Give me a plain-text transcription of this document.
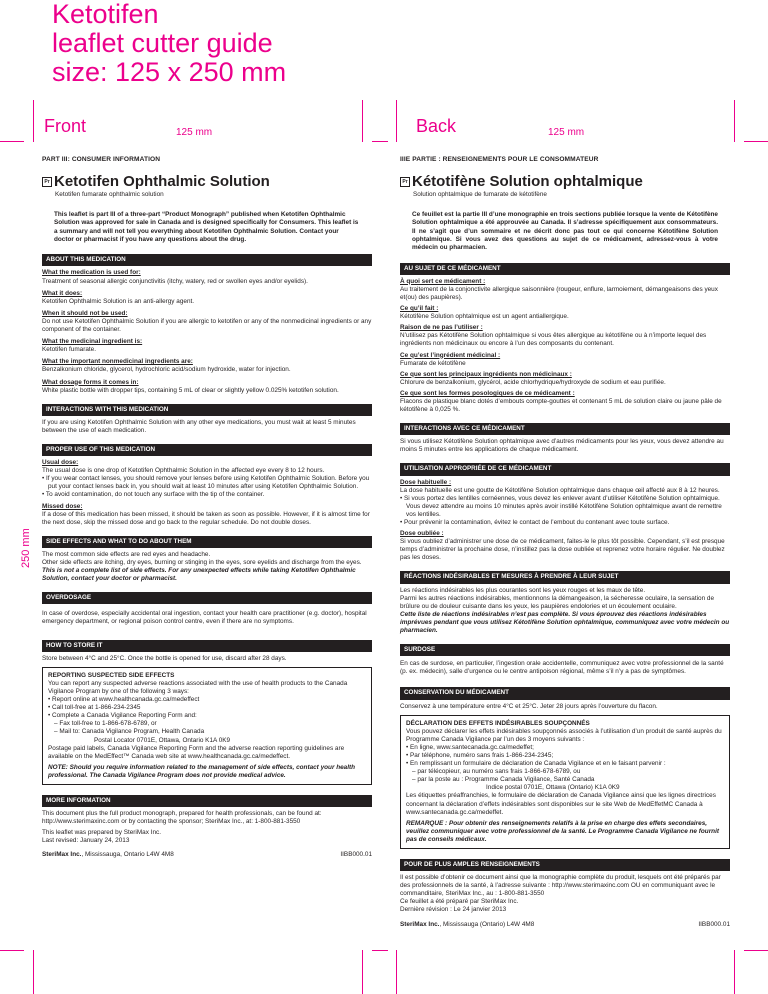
Ketotifen
leaflet cutter guide
size: 125 x 250 mm
Front	125 mm	Back	125 mm
250 mm
PART III: CONSUMER INFORMATION
Pr Ketotifen Ophthalmic Solution
Ketotifen fumarate ophthalmic solution
This leaflet is part III of a three-part “Product Monograph” published when Ketotifen Ophthalmic Solution was approved for sale in Canada and is designed specifically for Consumers. This leaflet is a summary and will not tell you everything about Ketotifen Ophthalmic Solution. Contact your doctor or pharmacist if you have any questions about the drug.
ABOUT THIS MEDICATION
What the medication is used for:
Treatment of seasonal allergic conjunctivitis (itchy, watery, red or swollen eyes and/or eyelids).
What it does:
Ketotifen Ophthalmic Solution is an anti-allergy agent.
When it should not be used:
Do not use Ketotifen Ophthalmic Solution if you are allergic to ketotifen or any of the nonmedicinal ingredients or any component of the container.
What the medicinal ingredient is:
Ketotifen fumarate.
What the important nonmedicinal ingredients are:
Benzalkonium chloride, glycerol, hydrochloric acid/sodium hydroxide, water for injection.
What dosage forms it comes in:
White plastic bottle with dropper tips, containing 5 mL of clear or slightly yellow 0.025% ketotifen solution.
INTERACTIONS WITH THIS MEDICATION
If you are using Ketotifen Ophthalmic Solution with any other eye medications, you must wait at least 5 minutes between the use of each medication.
PROPER USE OF THIS MEDICATION
Usual dose:
The usual dose is one drop of Ketotifen Ophthalmic Solution in the affected eye every 8 to 12 hours.
• If you wear contact lenses, you should remove your lenses before using Ketotifen Ophthalmic Solution. Before you put your contact lenses back in, you should wait at least 10 minutes after using Ketotifen Ophthalmic Solution.
• To avoid contamination, do not touch any surface with the tip of the container.
Missed dose:
If a dose of this medication has been missed, it should be taken as soon as possible. However, if it is almost time for the next dose, skip the missed dose and go back to the regular schedule. Do not double doses.
SIDE EFFECTS AND WHAT TO DO ABOUT THEM
The most common side effects are red eyes and headache.
Other side effects are itching, dry eyes, burning or stinging in the eyes, sore eyelids and discharge from the eyes.
This is not a complete list of side effects. For any unexpected effects while taking Ketotifen Ophthalmic Solution, contact your doctor or pharmacist.
OVERDOSAGE
In case of overdose, especially accidental oral ingestion, contact your health care practitioner (e.g. doctor), hospital emergency department, or regional poison control centre, even if there are no symptoms.
HOW TO STORE IT
Store between 4°C and 25°C. Once the bottle is opened for use, discard after 28 days.
REPORTING SUSPECTED SIDE EFFECTS
You can report any suspected adverse reactions associated with the use of health products to the Canada Vigilance Program by one of the following 3 ways:
• Report online at www.healthcanada.gc.ca/medeffect
• Call toll-free at 1-866-234-2345
• Complete a Canada Vigilance Reporting Form and:
– Fax toll-free to 1-866-678-6789, or
– Mail to: Canada Vigilance Program, Health Canada
Postal Locator 0701E, Ottawa, Ontario K1A 0K9
Postage paid labels, Canada Vigilance Reporting Form and the adverse reaction reporting guidelines are available on the MedEffect™ Canada web site at www.healthcanada.gc.ca/medeffect.
NOTE: Should you require information related to the management of side effects, contact your health professional. The Canada Vigilance Program does not provide medical advice.
MORE INFORMATION
This document plus the full product monograph, prepared for health professionals, can be found at: http://www.sterimaxinc.com or by contacting the sponsor; SteriMax Inc., at: 1-800-881-3550
This leaflet was prepared by SteriMax Inc.
Last revised: January 24, 2013
SteriMax Inc., Mississauga, Ontario L4W 4M8	IIBB000.01
IIIE PARTIE : RENSEIGNEMENTS POUR LE CONSOMMATEUR
Pr Kétotifène Solution ophtalmique
Solution ophtalmique de fumarate de kétotifène
Ce feuillet est la partie III d’une monographie en trois sections publiée lorsque la vente de Kétotifène Solution ophtalmique a été approuvée au Canada. Il s’adresse spécifiquement aux consommateurs. Il ne s’agit que d’un sommaire et ne décrit donc pas tout ce qui concerne Kétotifène Solution ophtalmique. Si vous avez des questions au sujet de ce médicament, adressez-vous à votre médecin ou pharmacien.
AU SUJET DE CE MÉDICAMENT
À quoi sert ce médicament :
Au traitement de la conjonctivite allergique saisonnière (rougeur, enflure, larmoiement, démangeaisons des yeux et(ou) des paupières).
Ce qu’il fait :
Kétotifène Solution ophtalmique est un agent antiallergique.
Raison de ne pas l’utiliser :
N’utilisez pas Kétotifène Solution ophtalmique si vous êtes allergique au kétotifène ou à n’importe lequel des ingrédients non médicinaux ou encore à l’un des composants du contenant.
Ce qu’est l’ingrédient médicinal :
Fumarate de kétotifène
Ce que sont les principaux ingrédients non médicinaux :
Chlorure de benzalkonium, glycérol, acide chlorhydrique/hydroxyde de sodium et eau purifiée.
Ce que sont les formes posologiques de ce médicament :
Flacons de plastique blanc dotés d’embouts compte-gouttes et contenant 5 mL de solution claire ou jaune pâle de kétotifène à 0,025 %.
INTERACTIONS AVEC CE MÉDICAMENT
Si vous utilisez Kétotifène Solution ophtalmique avec d’autres médicaments pour les yeux, vous devez attendre au moins 5 minutes entre les applications de chaque médicament.
UTILISATION APPROPRIÉE DE CE MÉDICAMENT
Dose habituelle :
La dose habituelle est une goutte de Kétotifène Solution ophtalmique dans chaque œil affecté aux 8 à 12 heures.
• Si vous portez des lentilles cornéennes, vous devez les enlever avant d’utiliser Kétotifène Solution ophtalmique. Vous devez attendre au moins 10 minutes après avoir instillé Kétotifène Solution ophtalmique avant de remettre vos lentilles.
• Pour prévenir la contamination, évitez le contact de l’embout du contenant avec toute surface.
Dose oubliée :
Si vous oubliez d’administrer une dose de ce médicament, faites-le le plus tôt possible. Cependant, s’il est presque temps d’administrer la prochaine dose, n’instillez pas la dose oubliée et reprenez votre horaire régulier. Ne doublez pas les doses.
RÉACTIONS INDÉSIRABLES ET MESURES À PRENDRE À LEUR SUJET
Les réactions indésirables les plus courantes sont les yeux rouges et les maux de tête.
Parmi les autres réactions indésirables, mentionnons la démangeaison, la sécheresse oculaire, la sensation de brûlure ou de douleur cuisante dans les yeux, les paupières endolories et un écoulement oculaire.
Cette liste de réactions indésirables n’est pas complète. Si vous éprouvez des réactions indésirables imprévues pendant que vous utilisez Kétotifène Solution ophtalmique, communiquez avec votre médecin ou pharmacien.
SURDOSE
En cas de surdose, en particulier, l’ingestion orale accidentelle, communiquez avec votre professionnel de la santé (p. ex. médecin), salle d’urgence ou le centre antipoison régional, même s’il n’y a pas de symptômes.
CONSERVATION DU MÉDICAMENT
Conservez à une température entre 4°C et 25°C. Jeter 28 jours après l’ouverture du flacon.
DÉCLARATION DES EFFETS INDÉSIRABLES SOUPÇONNÉS
Vous pouvez déclarer les effets indésirables soupçonnés associés à l’utilisation d’un produit de santé auprès du Programme Canada Vigilance par l’un des 3 moyens suivants :
• En ligne, www.santecanada.gc.ca/medeffet;
• Par téléphone, numéro sans frais 1-866-234-2345;
• En remplissant un formulaire de déclaration de Canada Vigilance et en le faisant parvenir :
– par télécopieur, au numéro sans frais 1-866-678-6789, ou
– par la poste au : Programme Canada Vigilance, Santé Canada
Indice postal 0701E, Ottawa (Ontario) K1A 0K9
Les étiquettes préaffranchies, le formulaire de déclaration de Canada Vigilance ainsi que les lignes directrices concernant la déclaration d’effets indésirables sont disponibles sur le site Web de MedEffetMC Canada à www.santecanada.gc.ca/medeffet.
REMARQUE : Pour obtenir des renseignements relatifs à la prise en charge des effets secondaires, veuillez communiquer avec votre professionnel de la santé. Le Programme Canada Vigilance ne fournit pas de conseils médicaux.
POUR DE PLUS AMPLES RENSEIGNEMENTS
Il est possible d’obtenir ce document ainsi que la monographie complète du produit, lesquels ont été préparés par des professionnels de la santé, à l’adresse suivante : http://www.sterimaxinc.com OU en communiquant avec le commanditaire, SteriMax Inc., au : 1-800-881-3550
Ce feuillet a été préparé par SteriMax Inc.
Dernière révision : Le 24 janvier 2013
SteriMax Inc., Mississauga (Ontario) L4W 4M8	IIBB000.01
